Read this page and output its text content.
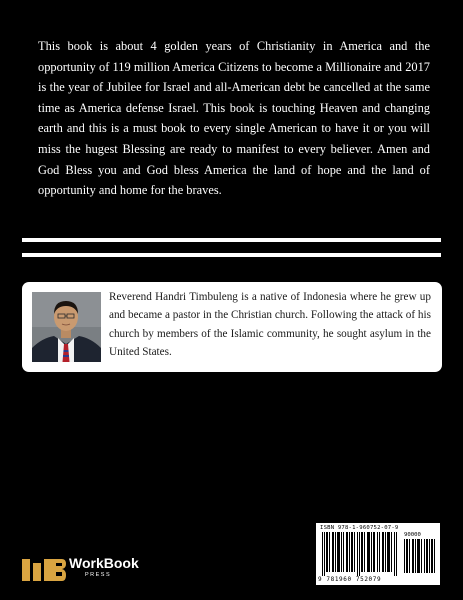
This book is about 4 golden years of Christianity in America and the opportunity of 119 million America Citizens to become a Millionaire and 2017 is the year of Jubilee for Israel and all-American debt be cancelled at the same time as America defense Israel. This book is touching Heaven and changing earth and this is a must book to every single American to have it or you will miss the hugest Blessing are ready to manifest to every believer. Amen and God Bless you and God bless America the land of hope and the land of opportunity and home for the braves.

Reverend Handri Timbuleng is a native of Indonesia where he grew up and became a pastor in the Christian church. Following the attack of his church by members of the Islamic community, he sought asylum in the United States.

ISBN 978-1-960752-07-9
90000
9 781960 752079
WorkBook
PRESS
